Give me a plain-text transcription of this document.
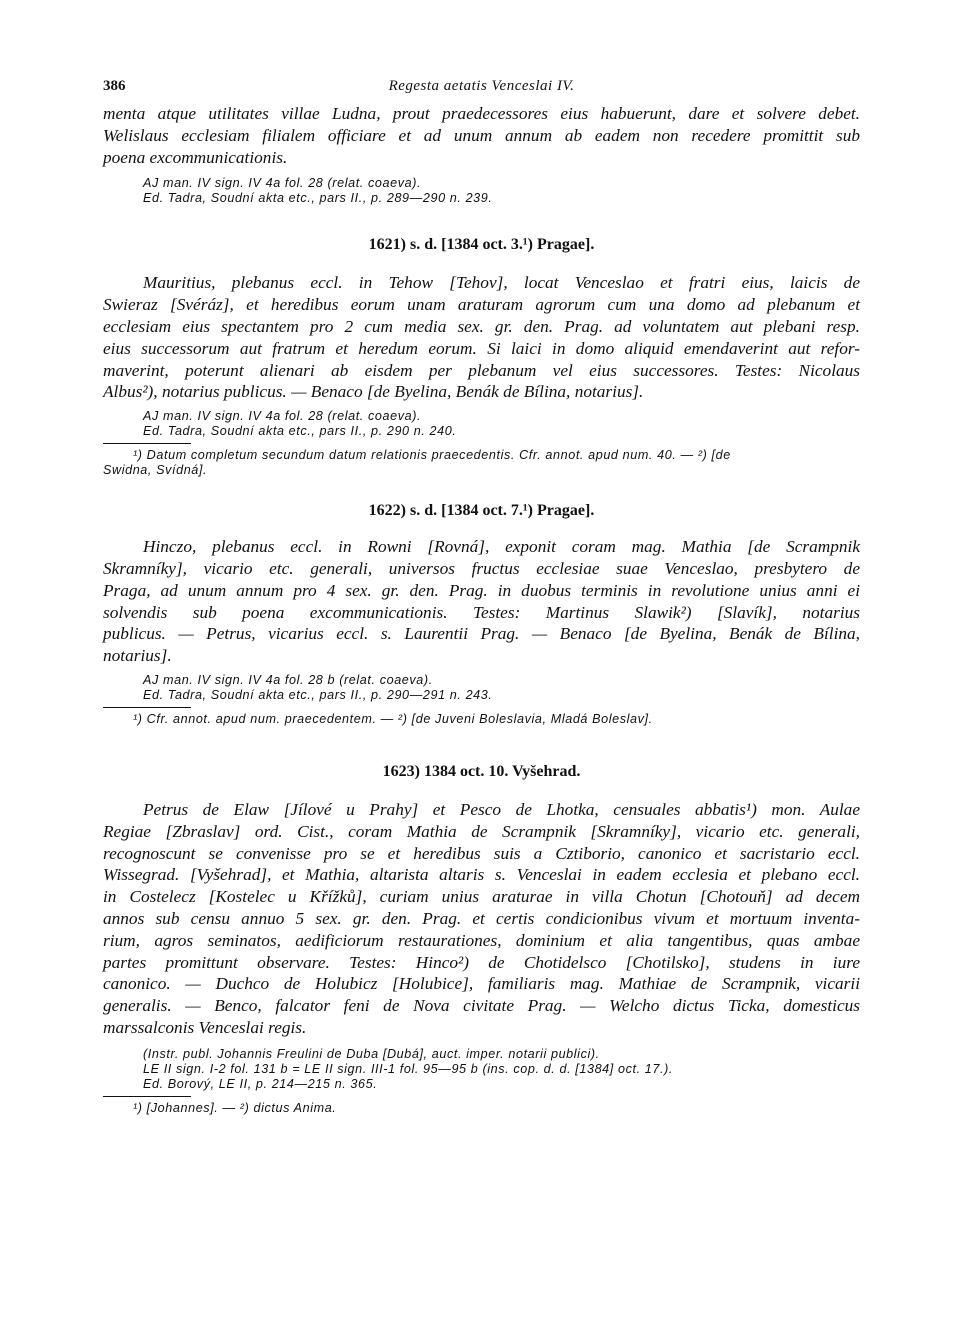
386	Regesta aetatis Venceslai IV.
menta atque utilitates villae Ludna, prout praedecessores eius habuerunt, dare et solvere debet.
Welislaus ecclesiam filialem officiare et ad unum annum ab eadem non recedere promittit sub
poena excommunicationis.
AJ man. IV sign. IV 4a fol. 28 (relat. coaeva).
Ed. Tadra, Soudní akta etc., pars II., p. 289—290 n. 239.
1621) s. d. [1384 oct. 3.¹) Pragae].
Mauritius, plebanus eccl. in Tehow [Tehov], locat Venceslao et fratri eius, laicis de
Swieraz [Svéráz], et heredibus eorum unam araturam agrorum cum una domo ad plebanum et
ecclesiam eius spectantem pro 2 cum media sex. gr. den. Prag. ad voluntatem aut plebani resp.
eius successorum aut fratrum et heredum eorum. Si laici in domo aliquid emendaverint aut refor-
maverint, poterunt alienari ab eisdem per plebanum vel eius successores. Testes: Nicolaus
Albus²), notarius publicus. — Benaco [de Byelina, Benák de Bílina, notarius].
AJ man. IV sign. IV 4a fol. 28 (relat. coaeva).
Ed. Tadra, Soudní akta etc., pars II., p. 290 n. 240.
¹) Datum completum secundum datum relationis praecedentis. Cfr. annot. apud num. 40. — ²) [de
Swidna, Svídná].
1622) s. d. [1384 oct. 7.¹) Pragae].
Hinczo, plebanus eccl. in Rowni [Rovná], exponit coram mag. Mathia [de Scrampnik
Skramníky], vicario etc. generali, universos fructus ecclesiae suae Venceslao, presbytero de
Praga, ad unum annum pro 4 sex. gr. den. Prag. in duobus terminis in revolutione unius anni ei
solvendis sub poena excommunicationis. Testes: Martinus Slawik²) [Slavík], notarius
publicus. — Petrus, vicarius eccl. s. Laurentii Prag. — Benaco [de Byelina, Benák de Bílina,
notarius].
AJ man. IV sign. IV 4a fol. 28 b (relat. coaeva).
Ed. Tadra, Soudní akta etc., pars II., p. 290—291 n. 243.
¹) Cfr. annot. apud num. praecedentem. — ²) [de Juveni Boleslavia, Mladá Boleslav].
1623) 1384 oct. 10. Vyšehrad.
Petrus de Elaw [Jílové u Prahy] et Pesco de Lhotka, censuales abbatis¹) mon. Aulae
Regiae [Zbraslav] ord. Cist., coram Mathia de Scrampnik [Skramníky], vicario etc. generali,
recognoscunt se convenisse pro se et heredibus suis a Cztiborio, canonico et sacristario eccl.
Wissegrad. [Vyšehrad], et Mathia, altarista altaris s. Venceslai in eadem ecclesia et plebano eccl.
in Costelecz [Kostelec u Křížků], curiam unius araturae in villa Chotun [Chotouň] ad decem
annos sub censu annuo 5 sex. gr. den. Prag. et certis condicionibus vivum et mortuum inventa-
rium, agros seminatos, aedificiorum restaurationes, dominium et alia tangentibus, quas ambae
partes promittunt observare. Testes: Hinco²) de Chotidelsco [Chotilsko], studens in iure
canonico. — Duchco de Holubicz [Holubice], familiaris mag. Mathiae de Scrampnik, vicarii
generalis. — Benco, falcator feni de Nova civitate Prag. — Welcho dictus Ticka, domesticus
marssalconis Venceslai regis.
(Instr. publ. Johannis Freulini de Duba [Dubá], auct. imper. notarii publici).
LE II sign. I-2 fol. 131 b = LE II sign. III-1 fol. 95—95 b (ins. cop. d. d. [1384] oct. 17.).
Ed. Borový, LE II, p. 214—215 n. 365.
¹) [Johannes]. — ²) dictus Anima.
